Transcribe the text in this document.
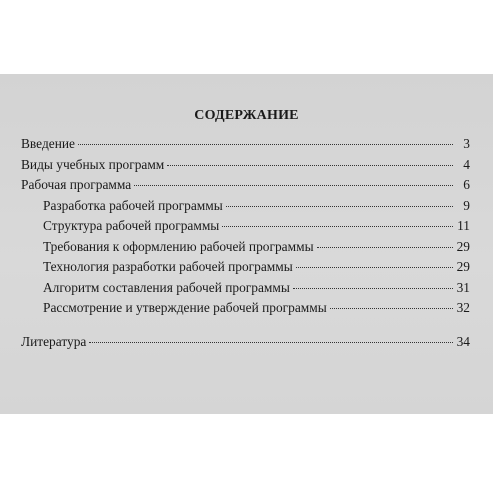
СОДЕРЖАНИЕ
Введение	3
Виды учебных программ	4
Рабочая программа	6
Разработка рабочей программы	9
Структура рабочей программы	11
Требования к оформлению рабочей программы	29
Технология разработки рабочей программы	29
Алгоритм составления рабочей программы	31
Рассмотрение и утверждение рабочей программы	32
Литература	34
